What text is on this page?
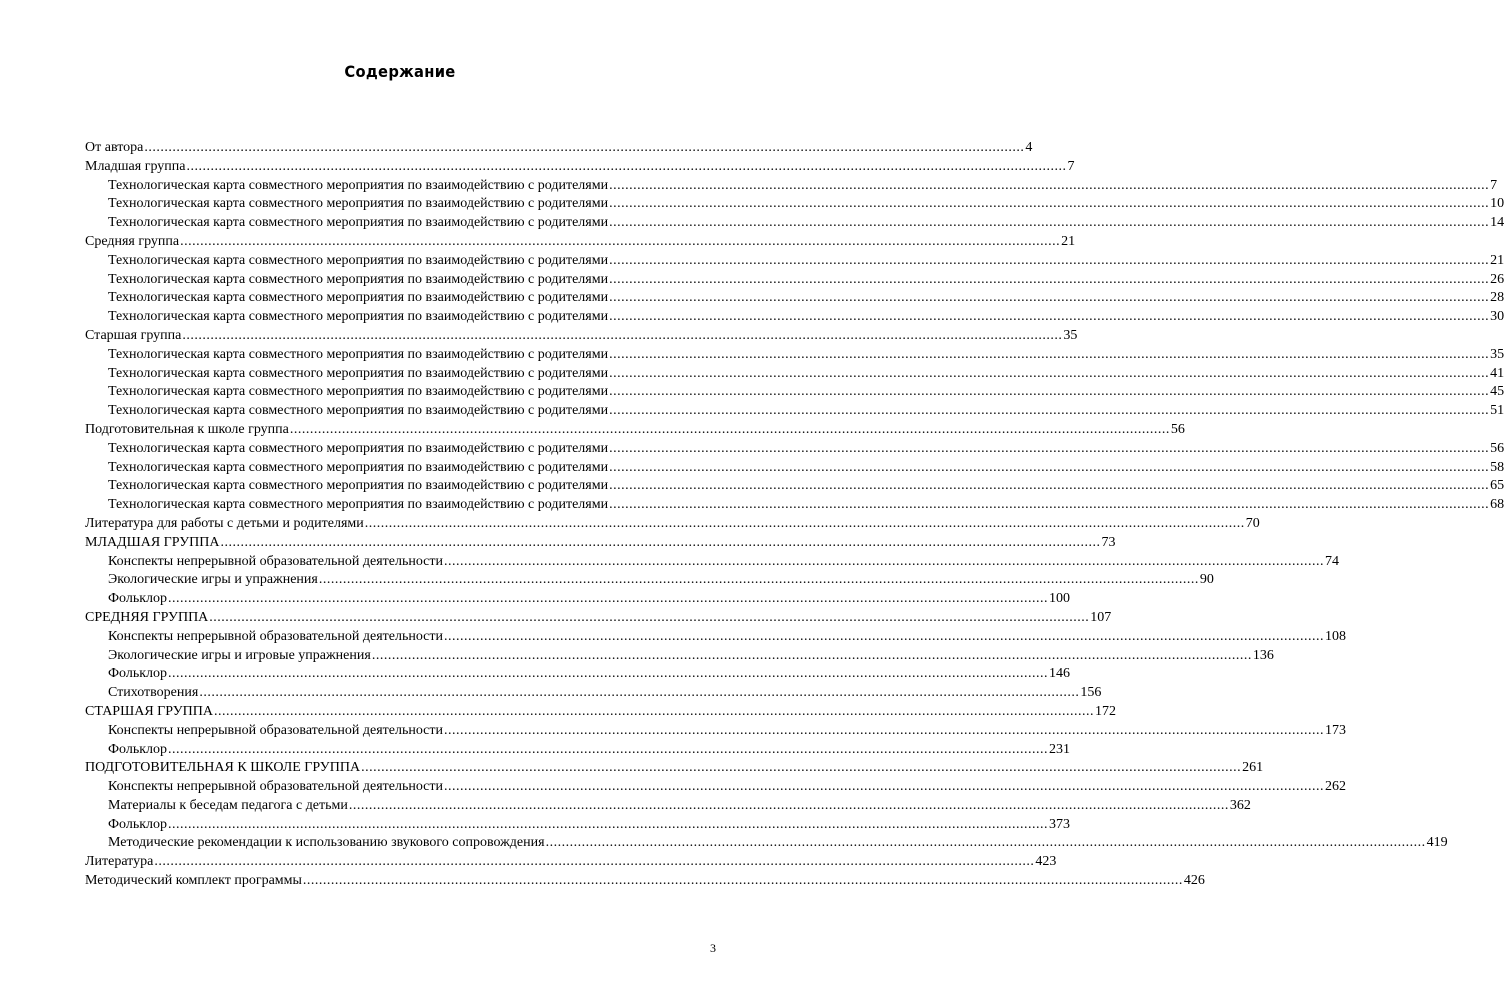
Содержание
От автора ............................................................................................................................................................................................................................ 4
Младшая группа ............................................................................................................................................................................................................................ 7
Технологическая карта совместного мероприятия по взаимодействию с родителями ............................................................................................................................................................................................................................ 7
Технологическая карта совместного мероприятия по взаимодействию с родителями ............................................................................................................................................................................................................................ 10
Технологическая карта совместного мероприятия по взаимодействию с родителями ............................................................................................................................................................................................................................ 14
Средняя группа ............................................................................................................................................................................................................................ 21
Технологическая карта совместного мероприятия по взаимодействию с родителями ............................................................................................................................................................................................................................ 21
Технологическая карта совместного мероприятия по взаимодействию с родителями ............................................................................................................................................................................................................................ 26
Технологическая карта совместного мероприятия по взаимодействию с родителями ............................................................................................................................................................................................................................ 28
Технологическая карта совместного мероприятия по взаимодействию с родителями ............................................................................................................................................................................................................................ 30
Старшая группа ............................................................................................................................................................................................................................ 35
Технологическая карта совместного мероприятия по взаимодействию с родителями ............................................................................................................................................................................................................................ 35
Технологическая карта совместного мероприятия по взаимодействию с родителями ............................................................................................................................................................................................................................ 41
Технологическая карта совместного мероприятия по взаимодействию с родителями ............................................................................................................................................................................................................................ 45
Технологическая карта совместного мероприятия по взаимодействию с родителями ............................................................................................................................................................................................................................ 51
Подготовительная к школе группа ............................................................................................................................................................................................................................ 56
Технологическая карта совместного мероприятия по взаимодействию с родителями ............................................................................................................................................................................................................................ 56
Технологическая карта совместного мероприятия по взаимодействию с родителями ............................................................................................................................................................................................................................ 58
Технологическая карта совместного мероприятия по взаимодействию с родителями ............................................................................................................................................................................................................................ 65
Технологическая карта совместного мероприятия по взаимодействию с родителями ............................................................................................................................................................................................................................ 68
Литература для работы с детьми и родителями ............................................................................................................................................................................................................................ 70
МЛАДШАЯ ГРУППА ............................................................................................................................................................................................................................ 73
Конспекты непрерывной образовательной деятельности ............................................................................................................................................................................................................................ 74
Экологические игры и упражнения ............................................................................................................................................................................................................................ 90
Фольклор ............................................................................................................................................................................................................................ 100
СРЕДНЯЯ ГРУППА ............................................................................................................................................................................................................................ 107
Конспекты непрерывной образовательной деятельности ............................................................................................................................................................................................................................ 108
Экологические игры и игровые упражнения ............................................................................................................................................................................................................................ 136
Фольклор ............................................................................................................................................................................................................................ 146
Стихотворения ............................................................................................................................................................................................................................ 156
СТАРШАЯ ГРУППА ............................................................................................................................................................................................................................ 172
Конспекты непрерывной образовательной деятельности ............................................................................................................................................................................................................................ 173
Фольклор ............................................................................................................................................................................................................................ 231
ПОДГОТОВИТЕЛЬНАЯ К ШКОЛЕ ГРУППА ............................................................................................................................................................................................................................ 261
Конспекты непрерывной образовательной деятельности ............................................................................................................................................................................................................................ 262
Материалы к беседам педагога с детьми ............................................................................................................................................................................................................................ 362
Фольклор ............................................................................................................................................................................................................................ 373
Методические рекомендации к использованию звукового сопровождения ............................................................................................................................................................................................................................ 419
Литература ............................................................................................................................................................................................................................ 423
Методический комплект программы ............................................................................................................................................................................................................................ 426
3
